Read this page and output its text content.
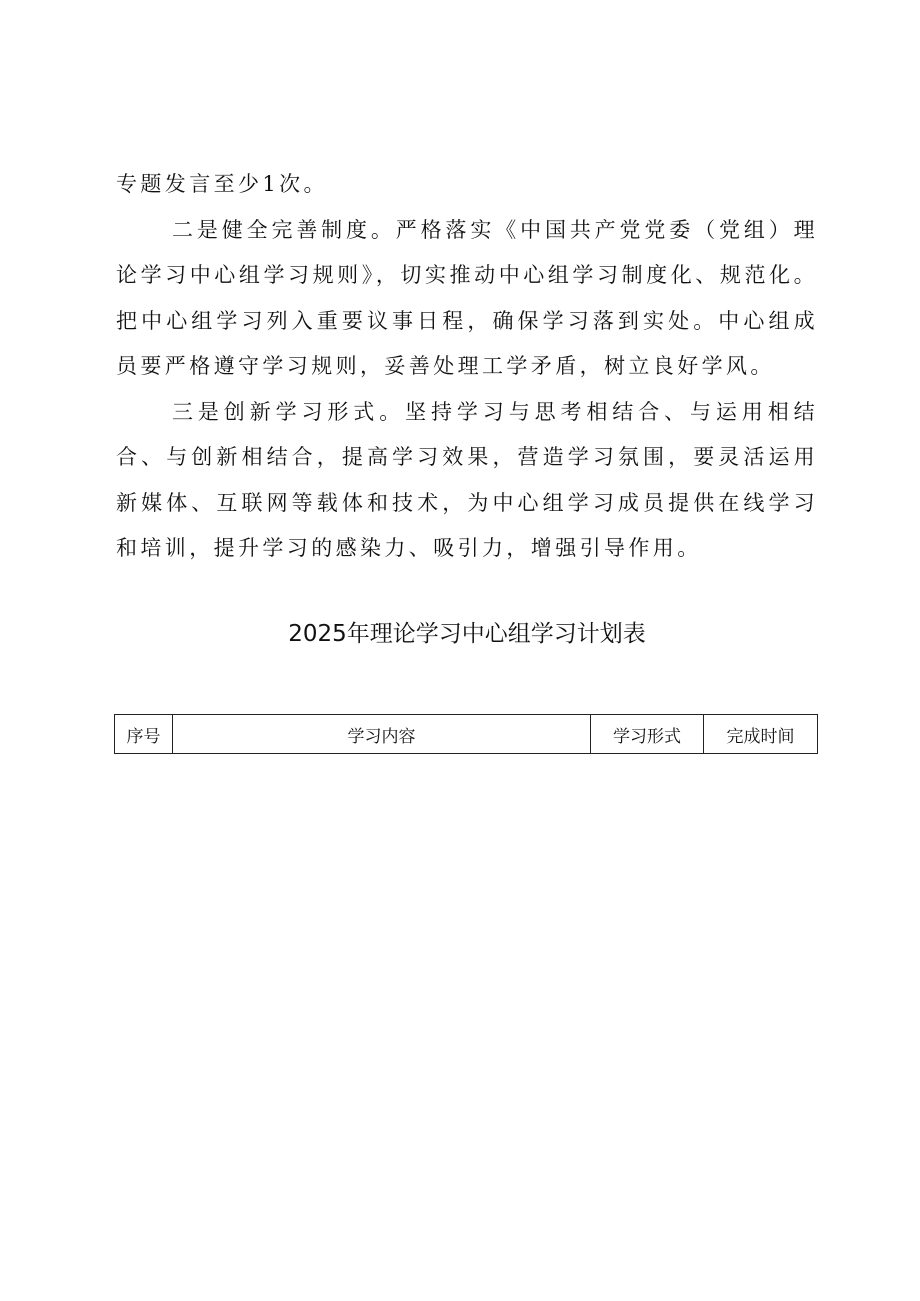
专题发言至少1次。

二是健全完善制度。严格落实《中国共产党党委（党组）理论学习中心组学习规则》，切实推动中心组学习制度化、规范化。把中心组学习列入重要议事日程，确保学习落到实处。中心组成员要严格遵守学习规则，妥善处理工学矛盾，树立良好学风。

三是创新学习形式。坚持学习与思考相结合、与运用相结合、与创新相结合，提高学习效果，营造学习氛围，要灵活运用新媒体、互联网等载体和技术，为中心组学习成员提供在线学习和培训，提升学习的感染力、吸引力，增强引导作用。

2025年理论学习中心组学习计划表
序号	学习内容	学习形式	完成时间
